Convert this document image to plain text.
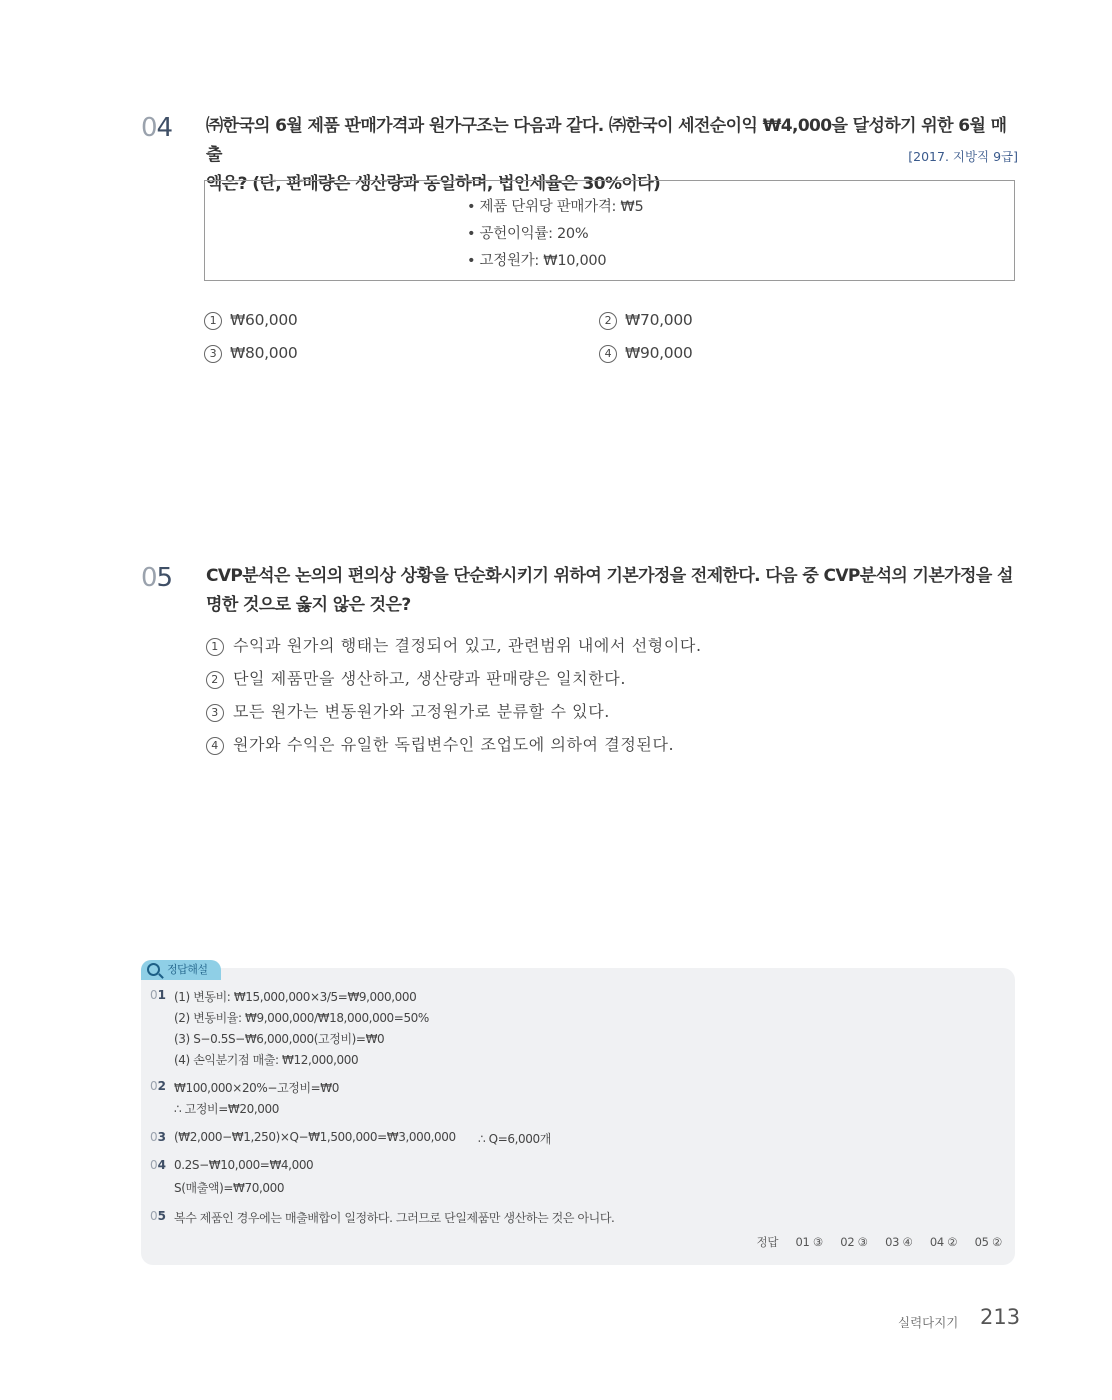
04 ㈜한국의 6월 제품 판매가격과 원가구조는 다음과 같다. ㈜한국이 세전순이익 ₩4,000을 달성하기 위한 6월 매출
액은? (단, 판매량은 생산량과 동일하며, 법인세율은 30%이다)
[2017. 지방직 9급]
• 제품 단위당 판매가격: ₩5
• 공헌이익률: 20%
• 고정원가: ₩10,000
1 ₩60,000	2 ₩70,000
3 ₩80,000	4 ₩90,000
05 CVP분석은 논의의 편의상 상황을 단순화시키기 위하여 기본가정을 전제한다. 다음 중 CVP분석의 기본가정을 설
명한 것으로 옳지 않은 것은?
1 수익과 원가의 행태는 결정되어 있고, 관련범위 내에서 선형이다.
2 단일 제품만을 생산하고, 생산량과 판매량은 일치한다.
3 모든 원가는 변동원가와 고정원가로 분류할 수 있다.
4 원가와 수익은 유일한 독립변수인 조업도에 의하여 결정된다.
정답해설
01 (1) 변동비: ₩15,000,000×3/5=₩9,000,000
(2) 변동비율: ₩9,000,000/₩18,000,000=50%
(3) S−0.5S−₩6,000,000(고정비)=₩0
(4) 손익분기점 매출: ₩12,000,000
02 ₩100,000×20%−고정비=₩0
∴ 고정비=₩20,000
03 (₩2,000−₩1,250)×Q−₩1,500,000=₩3,000,000 ∴ Q=6,000개
04 0.2S−₩10,000=₩4,000
S(매출액)=₩70,000
05 복수 제품인 경우에는 매출배합이 일정하다. 그러므로 단일제품만 생산하는 것은 아니다.
정답 01 ③ 02 ③ 03 ④ 04 ② 05 ②
실력다지기 213
